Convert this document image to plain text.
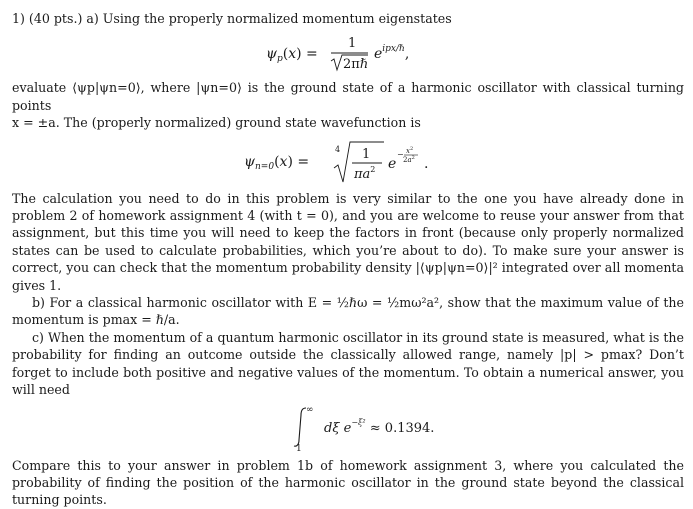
1) (40 pts.) a) Using the properly normalized momentum eigenstates

$\psi_p(x)$ =
1
2πℏ
$e^{ipx/\hbar}$,

evaluate ⟨ψp|ψn=0⟩, where |ψn=0⟩ is the ground state of a harmonic oscillator with classical turning points

x = ±a. The (properly normalized) ground state wavefunction is

$\psi_{n=0}(x)$ =
4 1
$\pi a^2$ e
− $x^2$
$2a^2$ .

The calculation you need to do in this problem is very similar to the one you have already done in problem 2 of homework assignment 4 (with t = 0), and you are welcome to reuse your answer from that assignment, but this time you will need to keep the factors in front (because only properly normalized states can be used to calculate probabilities, which you’re about to do). To make sure your answer is correct, you can check that the momentum probability density |⟨ψp|ψn=0⟩|² integrated over all momenta gives 1.

b) For a classical harmonic oscillator with E = ½ℏω = ½mω²a², show that the maximum value of the momentum is pmax = ℏ/a.

c) When the momentum of a quantum harmonic oscillator in its ground state is measured, what is the probability for finding an outcome outside the classically allowed range, namely |p| > pmax? Don’t forget to include both positive and negative values of the momentum. To obtain a numerical answer, you will need

∞
1
dξ $e^{-\xi^2} \approx 0.1394$.

Compare this to your answer in problem 1b of homework assignment 3, where you calculated the probability of finding the position of the harmonic oscillator in the ground state beyond the classical turning points.
